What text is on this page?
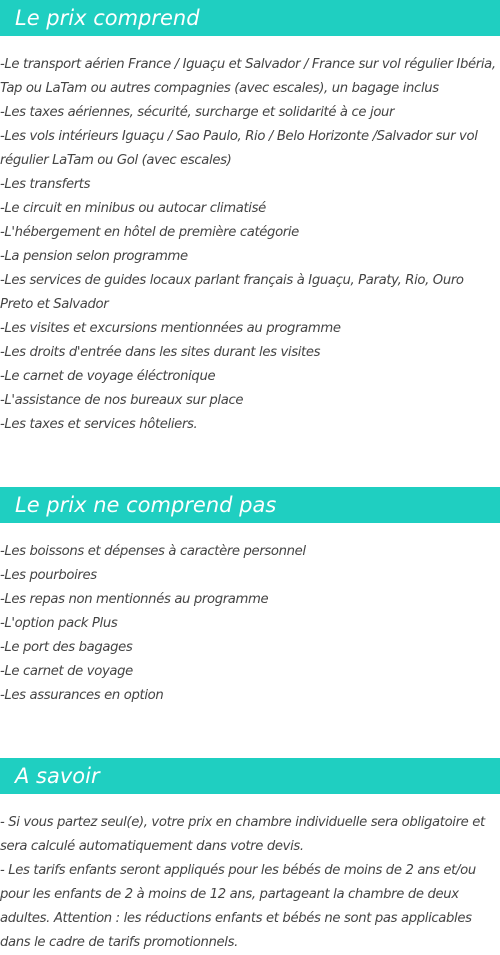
Le prix comprend
-Le transport aérien France / Iguaçu et Salvador / France sur vol régulier Ibéria, Tap ou LaTam ou autres compagnies (avec escales), un bagage inclus
-Les taxes aériennes, sécurité, surcharge et solidarité à ce jour
-Les vols intérieurs Iguaçu / Sao Paulo, Rio / Belo Horizonte /Salvador sur vol régulier LaTam ou Gol (avec escales)
-Les transferts
-Le circuit en minibus ou autocar climatisé
-L'hébergement en hôtel de première catégorie
-La pension selon programme
-Les services de guides locaux parlant français à Iguaçu, Paraty, Rio, Ouro Preto et Salvador
-Les visites et excursions mentionnées au programme
-Les droits d'entrée dans les sites durant les visites
-Le carnet de voyage éléctronique
-L'assistance de nos bureaux sur place
-Les taxes et services hôteliers.
Le prix ne comprend pas
-Les boissons et dépenses à caractère personnel
-Les pourboires
-Les repas non mentionnés au programme
-L'option pack Plus
-Le port des bagages
-Le carnet de voyage
-Les assurances en option
A savoir
- Si vous partez seul(e), votre prix en chambre individuelle sera obligatoire et sera calculé automatiquement dans votre devis.
- Les tarifs enfants seront appliqués pour les bébés de moins de 2 ans et/ou pour les enfants de 2 à moins de 12 ans, partageant la chambre de deux adultes. Attention : les réductions enfants et bébés ne sont pas applicables dans le cadre de tarifs promotionnels.
